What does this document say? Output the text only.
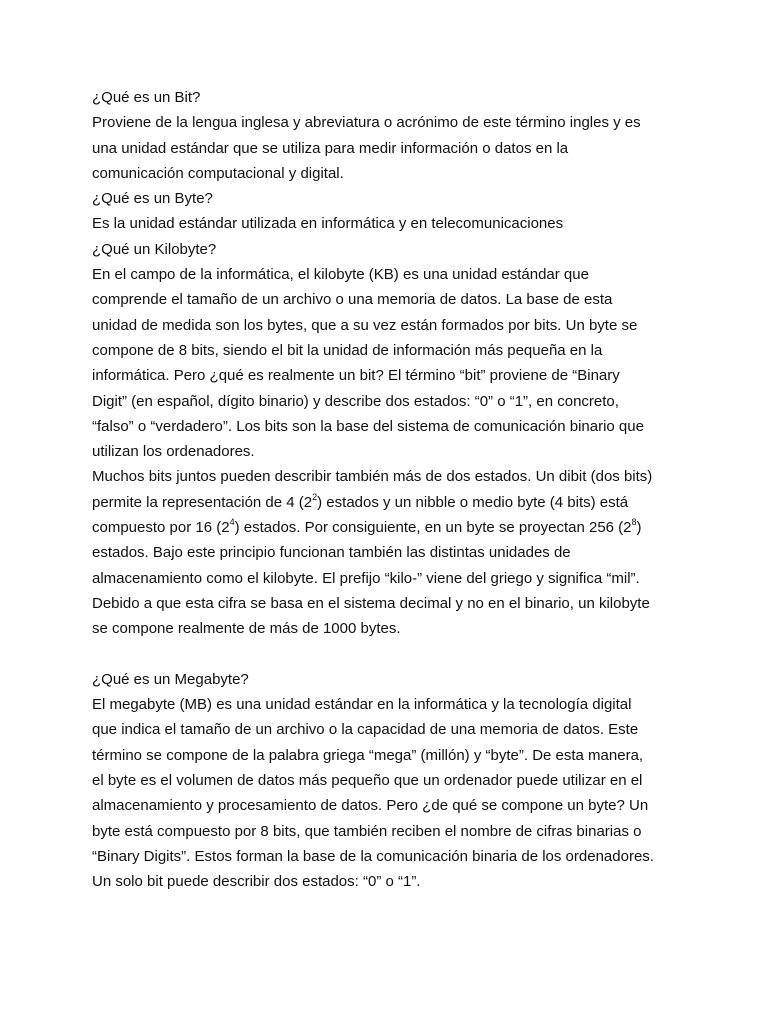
¿Qué es un Bit?
Proviene de la lengua inglesa y abreviatura o acrónimo de este término ingles y es
una unidad estándar que se utiliza para medir información o datos en la
comunicación computacional y digital.
¿Qué es un Byte?
Es la unidad estándar utilizada en informática y en telecomunicaciones
¿Qué un Kilobyte?
En el campo de la informática, el kilobyte (KB) es una unidad estándar que
comprende el tamaño de un archivo o una memoria de datos. La base de esta
unidad de medida son los bytes, que a su vez están formados por bits. Un byte se
compone de 8 bits, siendo el bit la unidad de información más pequeña en la
informática. Pero ¿qué es realmente un bit? El término “bit” proviene de “Binary
Digit” (en español, dígito binario) y describe dos estados: “0” o “1”, en concreto,
“falso” o “verdadero”. Los bits son la base del sistema de comunicación binario que
utilizan los ordenadores.
Muchos bits juntos pueden describir también más de dos estados. Un dibit (dos bits)
permite la representación de 4 $(2^2)$ estados y un nibble o medio byte (4 bits) está
compuesto por 16 $(2^4)$ estados. Por consiguiente, en un byte se proyectan 256 $(2^8)$
estados. Bajo este principio funcionan también las distintas unidades de
almacenamiento como el kilobyte. El prefijo “kilo-” viene del griego y significa “mil”.
Debido a que esta cifra se basa en el sistema decimal y no en el binario, un kilobyte
se compone realmente de más de 1000 bytes.
¿Qué es un Megabyte?
El megabyte (MB) es una unidad estándar en la informática y la tecnología digital
que indica el tamaño de un archivo o la capacidad de una memoria de datos. Este
término se compone de la palabra griega “mega” (millón) y “byte”. De esta manera,
el byte es el volumen de datos más pequeño que un ordenador puede utilizar en el
almacenamiento y procesamiento de datos. Pero ¿de qué se compone un byte? Un
byte está compuesto por 8 bits, que también reciben el nombre de cifras binarias o
“Binary Digits”. Estos forman la base de la comunicación binaria de los ordenadores.
Un solo bit puede describir dos estados: “0” o “1”.
